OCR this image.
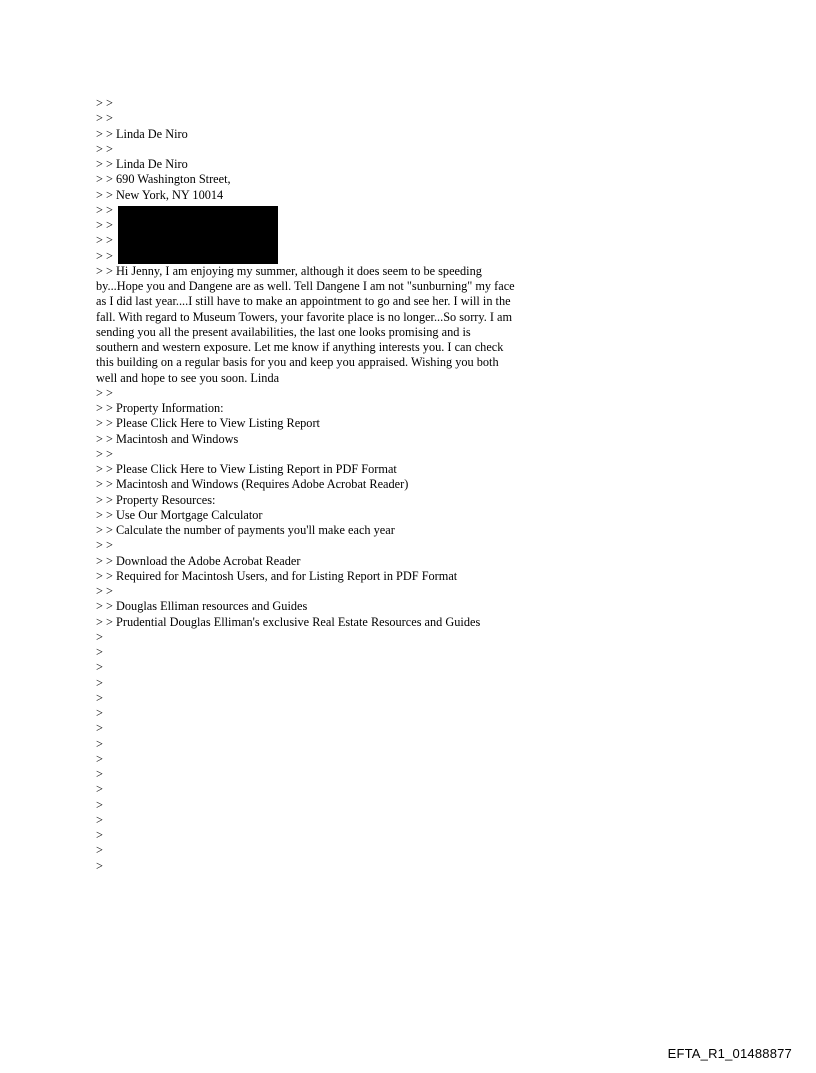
> >
> >
> > Linda De Niro
> >
> > Linda De Niro
> > 690 Washington Street,
> > New York, NY 10014
> >
> >
> >
> >
> > Hi Jenny, I am enjoying my summer, although it does seem to be speeding by...Hope you and Dangene are as well. Tell Dangene I am not "sunburning" my face as I did last year....I still have to make an appointment to go and see her. I will in the fall. With regard to Museum Towers, your favorite place is no longer...So sorry. I am sending you all the present availabilities, the last one looks promising and is southern and western exposure. Let me know if anything interests you. I can check this building on a regular basis for you and keep you appraised. Wishing you both well and hope to see you soon. Linda
> >
> > Property Information:
> > Please Click Here to View Listing Report
> > Macintosh and Windows
> >
> > Please Click Here to View Listing Report in PDF Format
> > Macintosh and Windows (Requires Adobe Acrobat Reader)
> > Property Resources:
> > Use Our Mortgage Calculator
> > Calculate the number of payments you'll make each year
> >
> > Download the Adobe Acrobat Reader
> > Required for Macintosh Users, and for Listing Report in PDF Format
> >
> > Douglas Elliman resources and Guides
> > Prudential Douglas Elliman's exclusive Real Estate Resources and Guides
>
>
>
>
>
>
>
>
>
>
>
>
>
>
>
>
EFTA_R1_01488877
